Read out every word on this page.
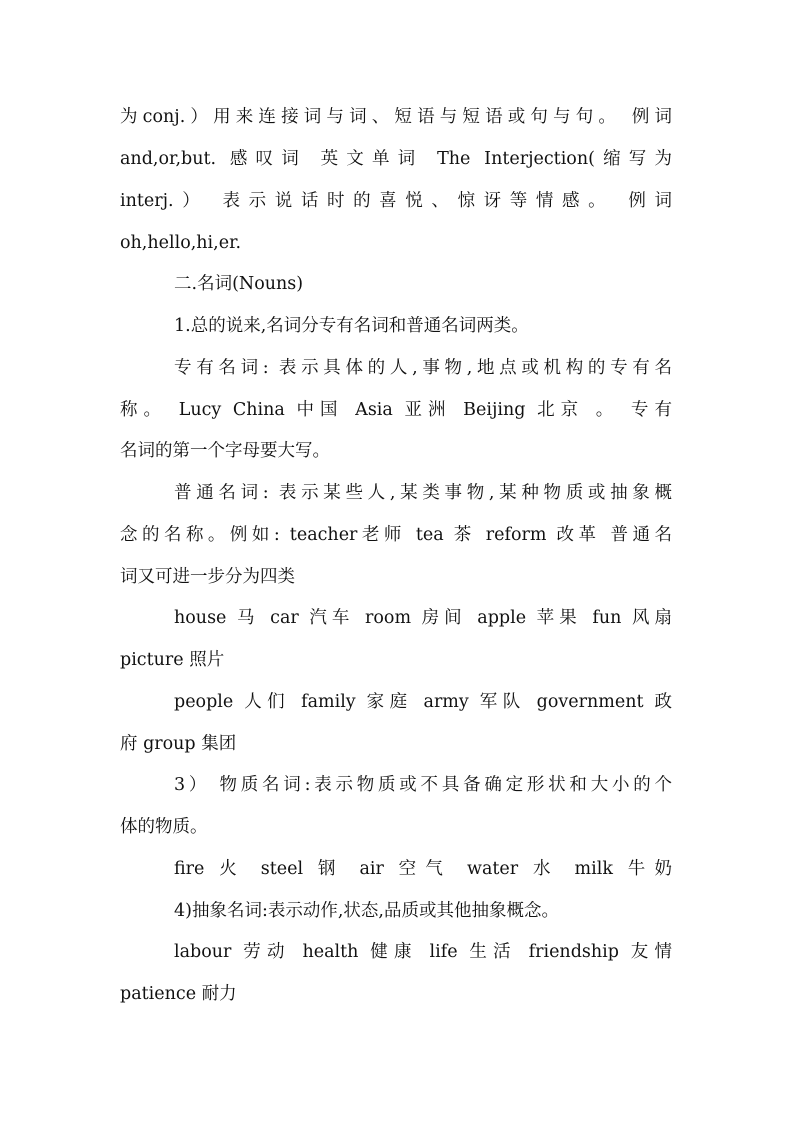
为conj.）用来连接词与词、短语与短语或句与句。 例词
and,or,but. 感叹词 英文单词 The Interjection(缩写为
interj.） 表示说话时的喜悦、惊讶等情感。 例词
oh,hello,hi,er.
二.名词(Nouns)
1.总的说来,名词分专有名词和普通名词两类。
专有名词: 表示具体的人,事物,地点或机构的专有名
称。 Lucy China 中国 Asia 亚洲 Beijing 北京 。 专有
名词的第一个字母要大写。
普通名词: 表示某些人,某类事物,某种物质或抽象概
念的名称。例如: teacher老师 tea 茶 reform 改革 普通名
词又可进一步分为四类
house 马 car 汽车 room 房间 apple 苹果 fun 风扇
picture 照片
people 人们 family 家庭 army 军队 government 政
府 group 集团
3） 物质名词:表示物质或不具备确定形状和大小的个
体的物质。
fire 火 steel 钢 air 空气 water 水 milk 牛奶
4)抽象名词:表示动作,状态,品质或其他抽象概念。
labour 劳动 health 健康 life 生活 friendship 友情
patience 耐力
